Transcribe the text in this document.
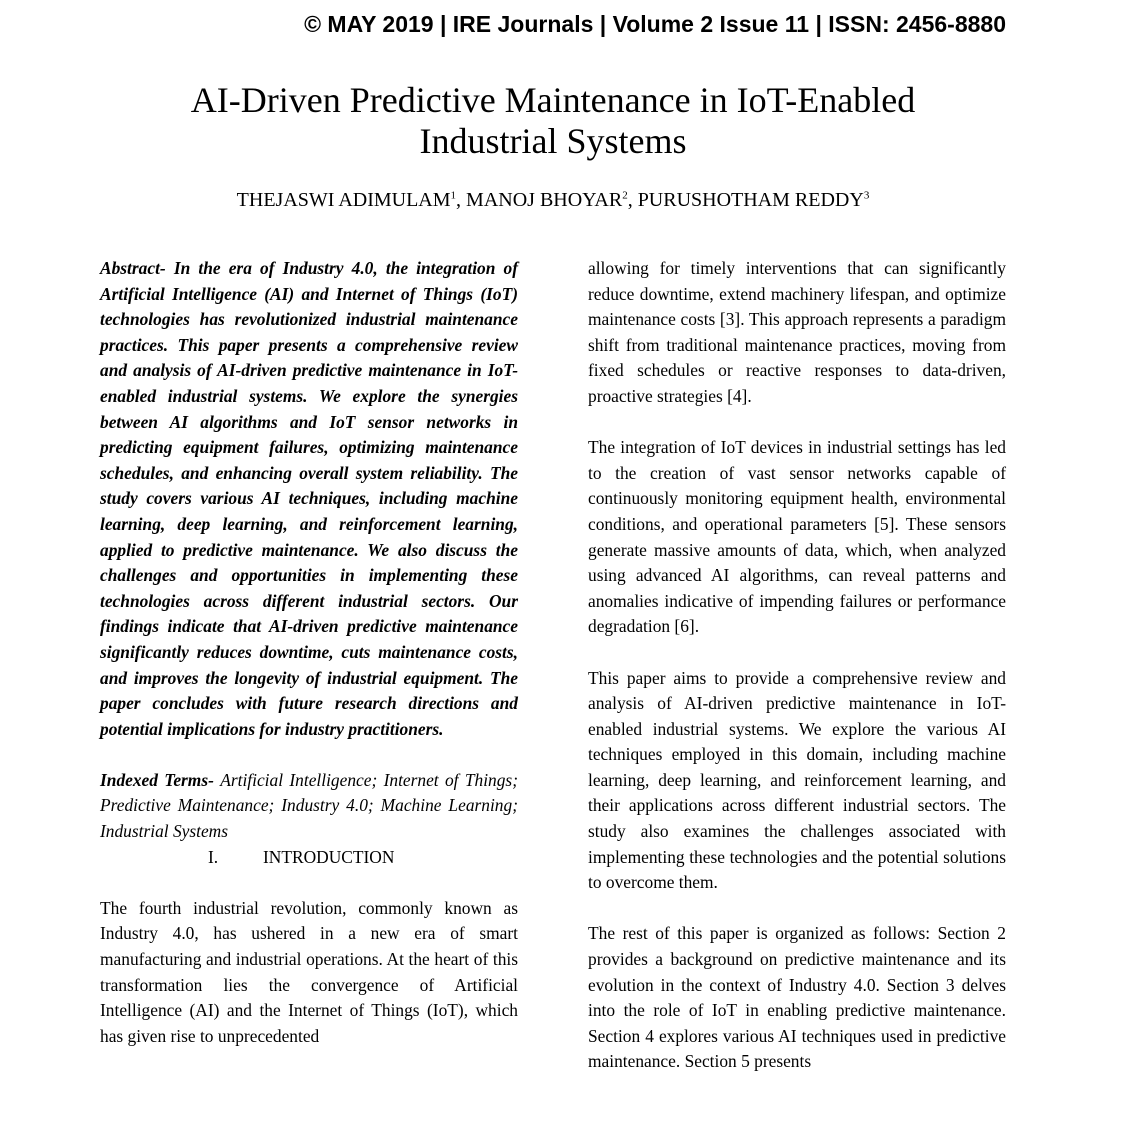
© MAY 2019 | IRE Journals | Volume 2 Issue 11 | ISSN: 2456-8880
AI-Driven Predictive Maintenance in IoT-Enabled
Industrial Systems
THEJASWI ADIMULAM$^1$, MANOJ BHOYAR$^2$, PURUSHOTHAM REDDY$^3$

Abstract- In the era of Industry 4.0, the integration of Artificial Intelligence (AI) and Internet of Things (IoT) technologies has revolutionized industrial maintenance practices. This paper presents a comprehensive review and analysis of AI-driven predictive maintenance in IoT-enabled industrial systems. We explore the synergies between AI algorithms and IoT sensor networks in predicting equipment failures, optimizing maintenance schedules, and enhancing overall system reliability. The study covers various AI techniques, including machine learning, deep learning, and reinforcement learning, applied to predictive maintenance. We also discuss the challenges and opportunities in implementing these technologies across different industrial sectors. Our findings indicate that AI-driven predictive maintenance significantly reduces downtime, cuts maintenance costs, and improves the longevity of industrial equipment. The paper concludes with future research directions and potential implications for industry practitioners.

Indexed Terms- Artificial Intelligence; Internet of Things; Predictive Maintenance; Industry 4.0; Machine Learning; Industrial Systems

I.	INTRODUCTION

The fourth industrial revolution, commonly known as Industry 4.0, has ushered in a new era of smart manufacturing and industrial operations. At the heart of this transformation lies the convergence of Artificial Intelligence (AI) and the Internet of Things (IoT), which has given rise to unprecedented

allowing for timely interventions that can significantly reduce downtime, extend machinery lifespan, and optimize maintenance costs [3]. This approach represents a paradigm shift from traditional maintenance practices, moving from fixed schedules or reactive responses to data-driven, proactive strategies [4].

The integration of IoT devices in industrial settings has led to the creation of vast sensor networks capable of continuously monitoring equipment health, environmental conditions, and operational parameters [5]. These sensors generate massive amounts of data, which, when analyzed using advanced AI algorithms, can reveal patterns and anomalies indicative of impending failures or performance degradation [6].

This paper aims to provide a comprehensive review and analysis of AI-driven predictive maintenance in IoT-enabled industrial systems. We explore the various AI techniques employed in this domain, including machine learning, deep learning, and reinforcement learning, and their applications across different industrial sectors. The study also examines the challenges associated with implementing these technologies and the potential solutions to overcome them.

The rest of this paper is organized as follows: Section 2 provides a background on predictive maintenance and its evolution in the context of Industry 4.0. Section 3 delves into the role of IoT in enabling predictive maintenance. Section 4 explores various AI techniques used in predictive maintenance. Section 5 presents
